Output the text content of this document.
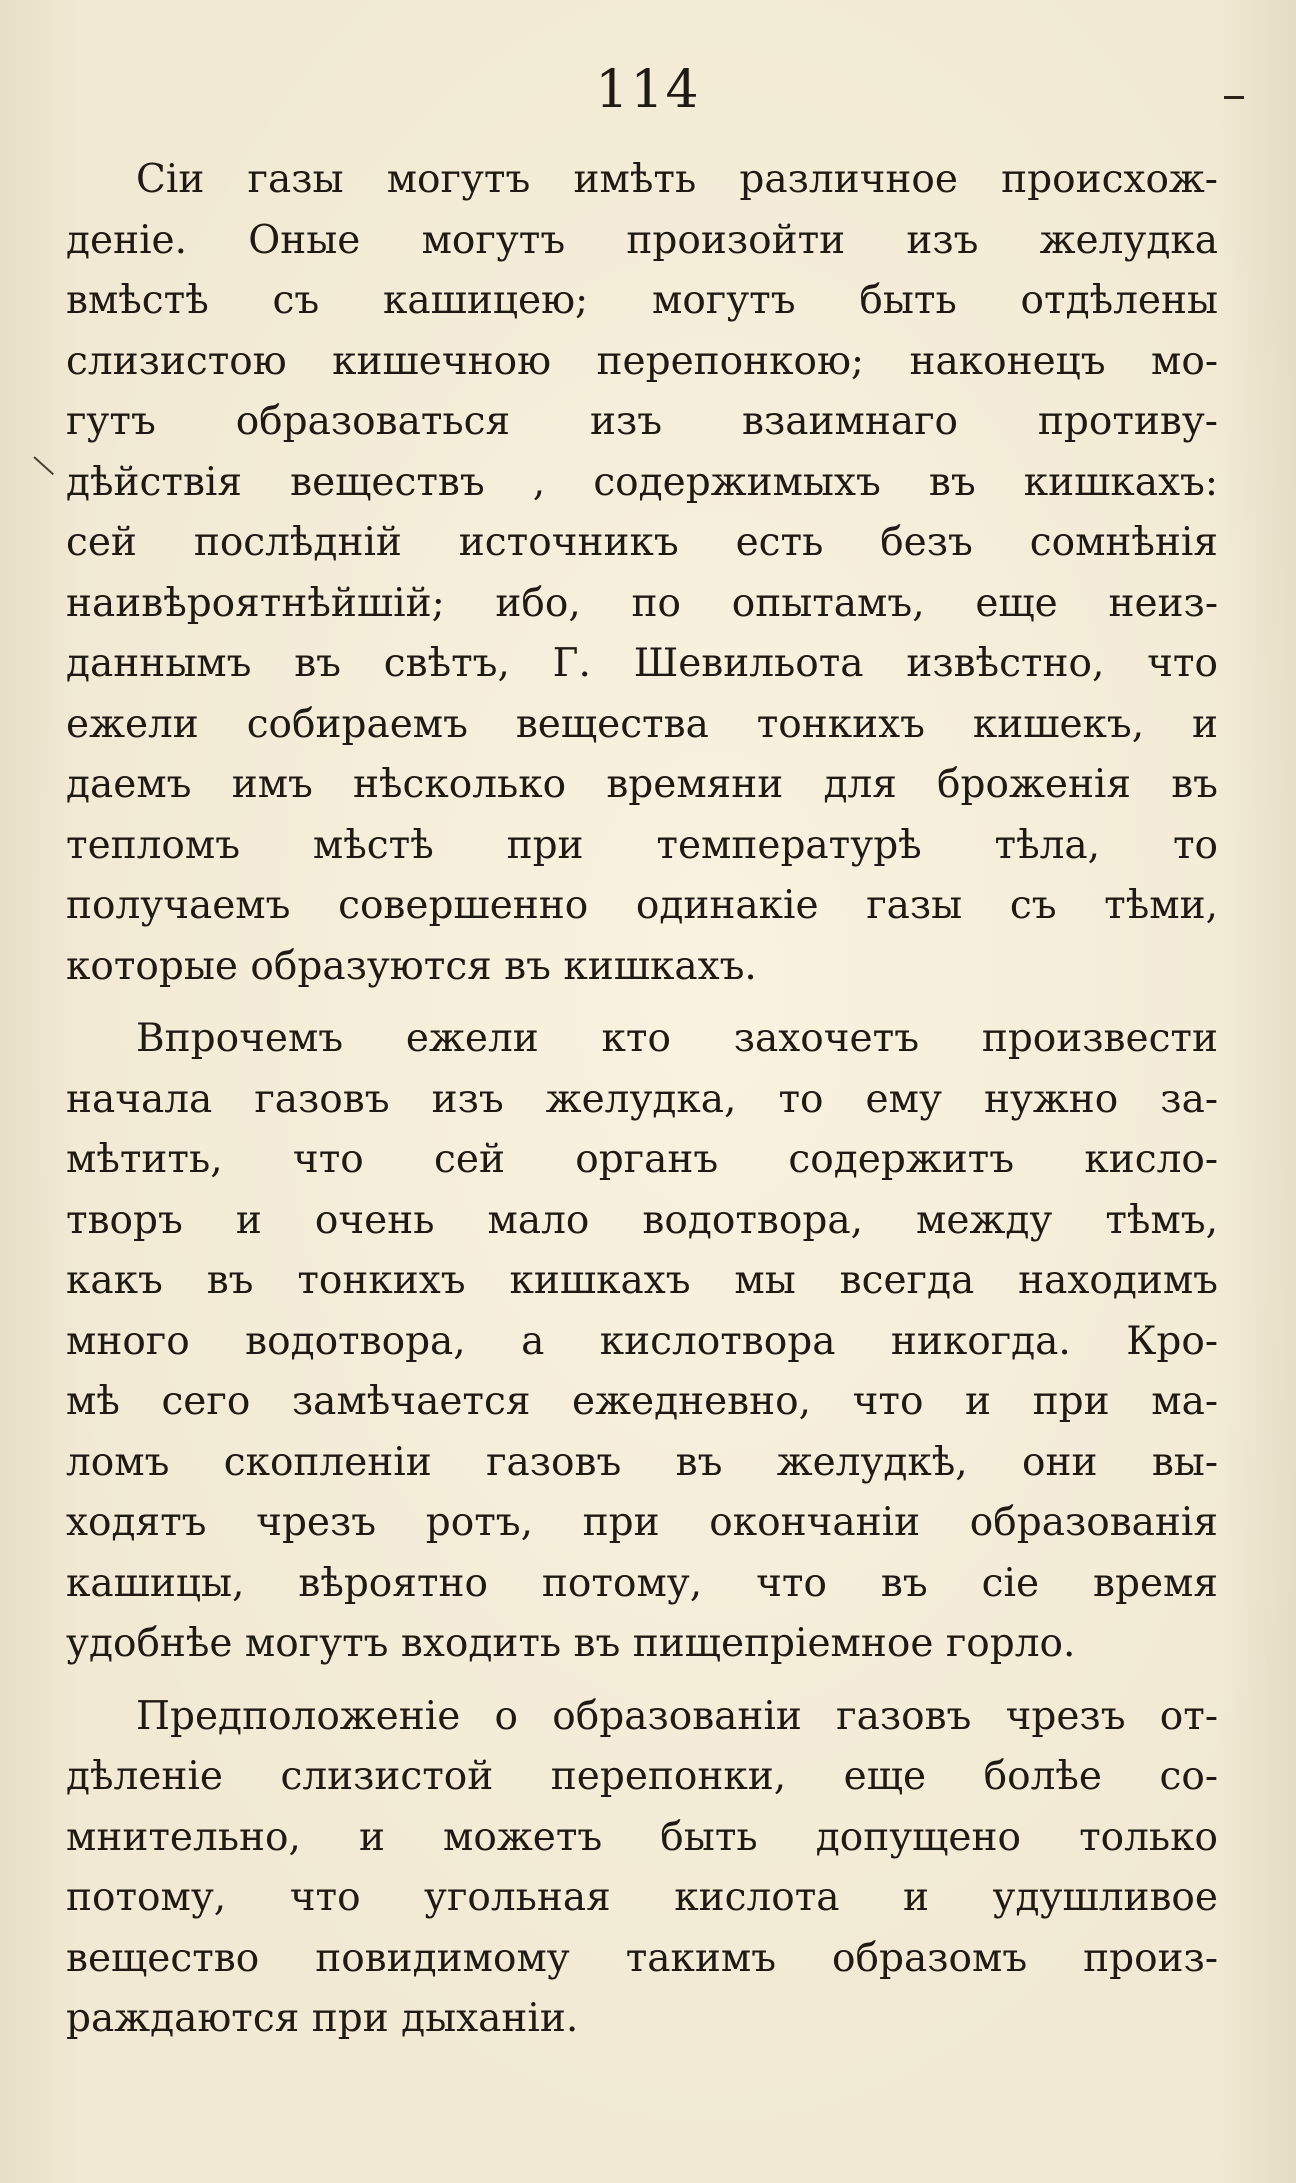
114
Сіи газы могутъ имѣть различное происхож-
деніе. Оныe могутъ произойти изъ желудка
вмѣстѣ съ кашицею; могутъ быть отдѣлены
слизистою кишечною перепонкою; наконецъ мо-
гутъ образоваться изъ взаимнаго противу-
дѣйствія веществъ , содержимыхъ въ кишкахъ:
сей послѣдній источникъ есть безъ сомнѣнія
наивѣроятнѣйшій; ибо, по опытамъ, еще неиз-
даннымъ въ свѣтъ, Г. Шевильота извѣстно, что
ежели собираемъ вещества тонкихъ кишекъ, и
даемъ имъ нѣсколько времяни для броженія въ
тепломъ мѣстѣ при температурѣ тѣла, то
получаемъ совершенно одинакіе газы съ тѣми,
которые образуются въ кишкахъ.
Впрочемъ ежели кто захочетъ произвести
начала газовъ изъ желудка, то ему нужно за-
мѣтить, что сей органъ содержитъ кисло-
творъ и очень мало водотвора, между тѣмъ,
какъ въ тонкихъ кишкахъ мы всегда находимъ
много водотвора, а кислотвора никогда. Кро-
мѣ сего замѣчается ежедневно, что и при ма-
ломъ скопленіи газовъ въ желудкѣ, они вы-
ходятъ чрезъ ротъ, при окончаніи образованія
кашицы, вѣроятно потому, что въ сіе время
удобнѣе могутъ входить въ пищепріемное горло.
Предположеніе о образованіи газовъ чрезъ от-
дѣленіе слизистой перепонки, еще болѣе со-
мнительно, и можетъ быть допущено только
потому, что угольная кислота и удушливое
вещество повидимому такимъ образомъ произ-
раждаются при дыханіи.
